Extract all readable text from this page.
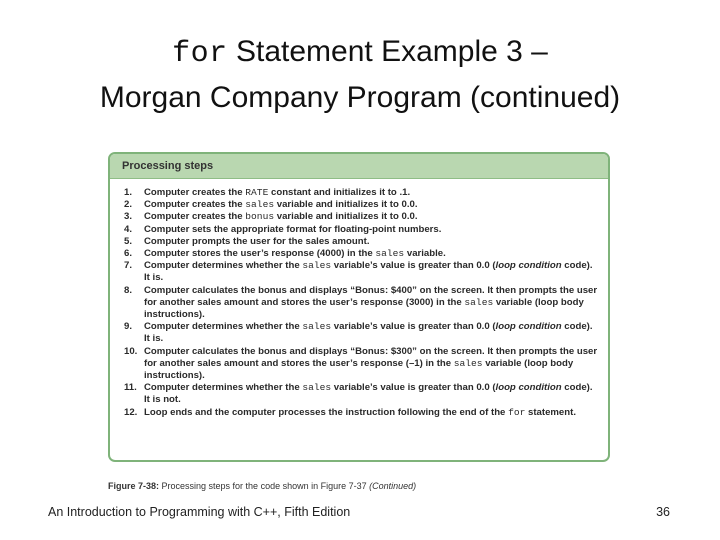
for Statement Example 3 –
Morgan Company Program (continued)
Processing steps
1.	Computer creates the RATE constant and initializes it to .1.
2.	Computer creates the sales variable and initializes it to 0.0.
3.	Computer creates the bonus variable and initializes it to 0.0.
4.	Computer sets the appropriate format for floating-point numbers.
5.	Computer prompts the user for the sales amount.
6.	Computer stores the user’s response (4000) in the sales variable.
7.	Computer determines whether the sales variable’s value is greater than 0.0 (loop condition code). It is.
8.	Computer calculates the bonus and displays “Bonus: $400” on the screen. It then prompts the user for another sales amount and stores the user’s response (3000) in the sales variable (loop body instructions).
9.	Computer determines whether the sales variable’s value is greater than 0.0 (loop condition code). It is.
10. Computer calculates the bonus and displays “Bonus: $300” on the screen. It then prompts the user for another sales amount and stores the user’s response (–1) in the sales variable (loop body instructions).
11. Computer determines whether the sales variable’s value is greater than 0.0 (loop condition code). It is not.
12. Loop ends and the computer processes the instruction following the end of the for statement.
Figure 7-38: Processing steps for the code shown in Figure 7-37 (Continued)
An Introduction to Programming with C++, Fifth Edition	36
